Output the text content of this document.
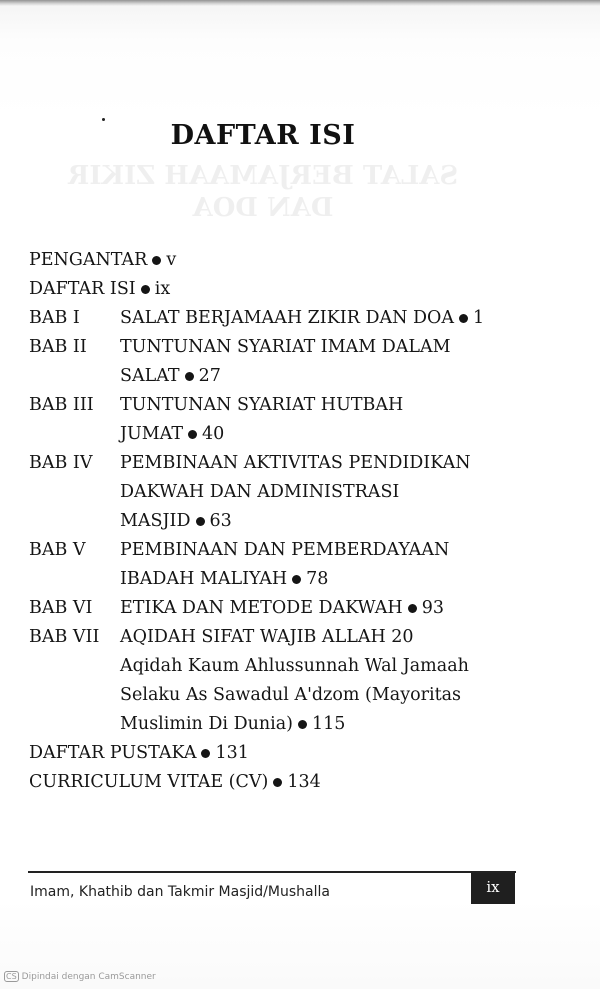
SALAT BERJAMAAH ZIKIR
DAN DOA
DAFTAR ISI
PENGANTAR v
DAFTAR ISI ix
BAB I SALAT BERJAMAAH ZIKIR DAN DOA 1
BAB II TUNTUNAN SYARIAT IMAM DALAM
SALAT 27
BAB III TUNTUNAN SYARIAT HUTBAH
JUMAT 40
BAB IV PEMBINAAN AKTIVITAS PENDIDIKAN
DAKWAH DAN ADMINISTRASI
MASJID 63
BAB V PEMBINAAN DAN PEMBERDAYAAN
IBADAH MALIYAH 78
BAB VI ETIKA DAN METODE DAKWAH 93
BAB VII AQIDAH SIFAT WAJIB ALLAH 20
Aqidah Kaum Ahlussunnah Wal Jamaah
Selaku As Sawadul A'dzom (Mayoritas
Muslimin Di Dunia) 115
DAFTAR PUSTAKA 131
CURRICULUM VITAE (CV) 134
Imam, Khathib dan Takmir Masjid/Mushalla	ix
CS Dipindai dengan CamScanner
